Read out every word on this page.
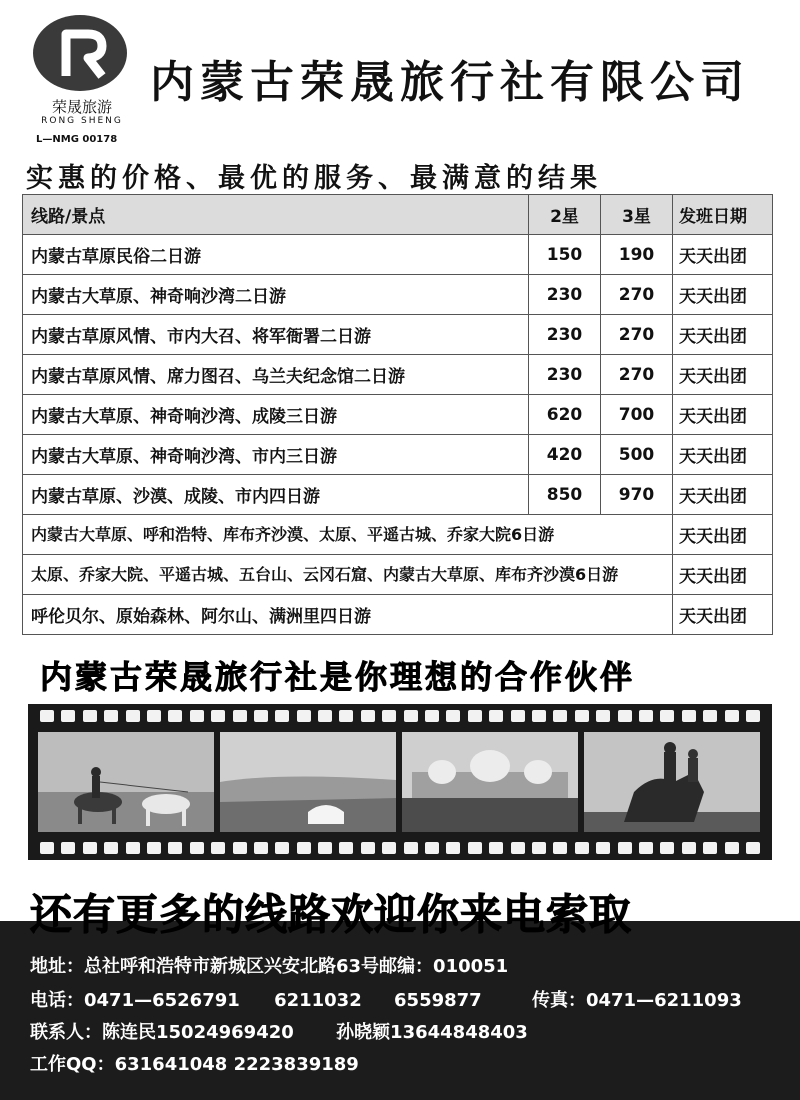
荣晟旅游
RONG SHENG
L—NMG 00178
内蒙古荣晟旅行社有限公司
实惠的价格、最优的服务、最满意的结果
线路/景点	2星	3星	发班日期
内蒙古草原民俗二日游	150	190	天天出团
内蒙古大草原、神奇响沙湾二日游	230	270	天天出团
内蒙古草原风情、市内大召、将军衙署二日游	230	270	天天出团
内蒙古草原风情、席力图召、乌兰夫纪念馆二日游	230	270	天天出团
内蒙古大草原、神奇响沙湾、成陵三日游	620	700	天天出团
内蒙古大草原、神奇响沙湾、市内三日游	420	500	天天出团
内蒙古草原、沙漠、成陵、市内四日游	850	970	天天出团
内蒙古大草原、呼和浩特、库布齐沙漠、太原、平遥古城、乔家大院6日游			天天出团
太原、乔家大院、平遥古城、五台山、云冈石窟、内蒙古大草原、库布齐沙漠6日游			天天出团
呼伦贝尔、原始森林、阿尔山、满洲里四日游			天天出团
内蒙古荣晟旅行社是你理想的合作伙伴
地址：总社呼和浩特市新城区兴安北路63号邮编：010051
电话：0471—6526791 6211032 6559877	传真：0471—6211093
联系人：陈连民15024969420 孙晓颖13644848403
工作QQ：631641048 2223839189
还有更多的线路欢迎你来电索取
